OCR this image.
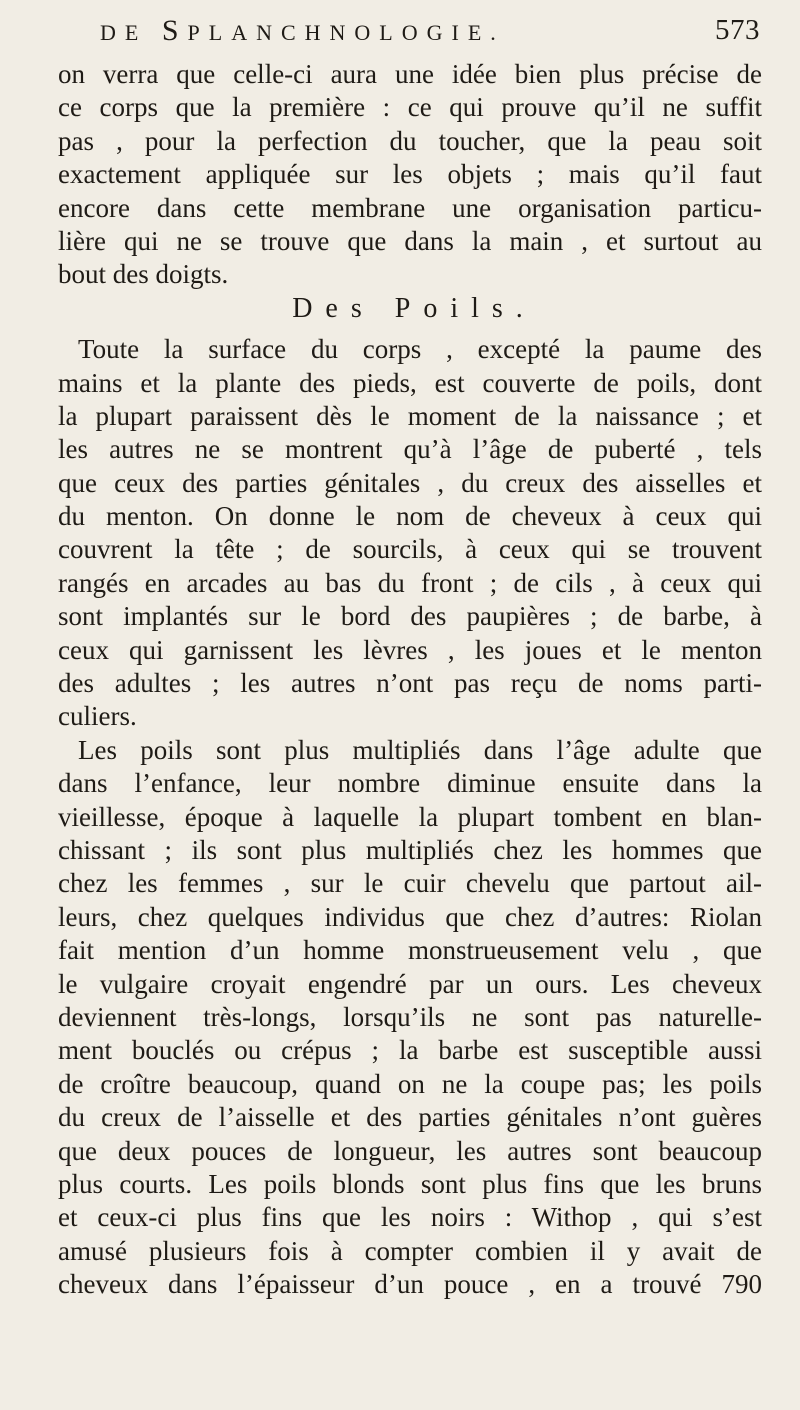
DE SPLANCHNOLOGIE.	573
on verra que celle-ci aura une idée bien plus précise de
ce corps que la première : ce qui prouve qu’il ne suffit
pas , pour la perfection du toucher, que la peau soit
exactement appliquée sur les objets ; mais qu’il faut
encore dans cette membrane une organisation particu-
lière qui ne se trouve que dans la main , et surtout au
bout des doigts.
Des Poils.
Toute la surface du corps , excepté la paume des
mains et la plante des pieds, est couverte de poils, dont
la plupart paraissent dès le moment de la naissance ; et
les autres ne se montrent qu’à l’âge de puberté , tels
que ceux des parties génitales , du creux des aisselles et
du menton. On donne le nom de cheveux à ceux qui
couvrent la tête ; de sourcils, à ceux qui se trouvent
rangés en arcades au bas du front ; de cils , à ceux qui
sont implantés sur le bord des paupières ; de barbe, à
ceux qui garnissent les lèvres , les joues et le menton
des adultes ; les autres n’ont pas reçu de noms parti-
culiers.
Les poils sont plus multipliés dans l’âge adulte que
dans l’enfance, leur nombre diminue ensuite dans la
vieillesse, époque à laquelle la plupart tombent en blan-
chissant ; ils sont plus multipliés chez les hommes que
chez les femmes , sur le cuir chevelu que partout ail-
leurs, chez quelques individus que chez d’autres: Riolan
fait mention d’un homme monstrueusement velu , que
le vulgaire croyait engendré par un ours. Les cheveux
deviennent très-longs, lorsqu’ils ne sont pas naturelle-
ment bouclés ou crépus ; la barbe est susceptible aussi
de croître beaucoup, quand on ne la coupe pas; les poils
du creux de l’aisselle et des parties génitales n’ont guères
que deux pouces de longueur, les autres sont beaucoup
plus courts. Les poils blonds sont plus fins que les bruns
et ceux-ci plus fins que les noirs : Withop , qui s’est
amusé plusieurs fois à compter combien il y avait de
cheveux dans l’épaisseur d’un pouce , en a trouvé 790
